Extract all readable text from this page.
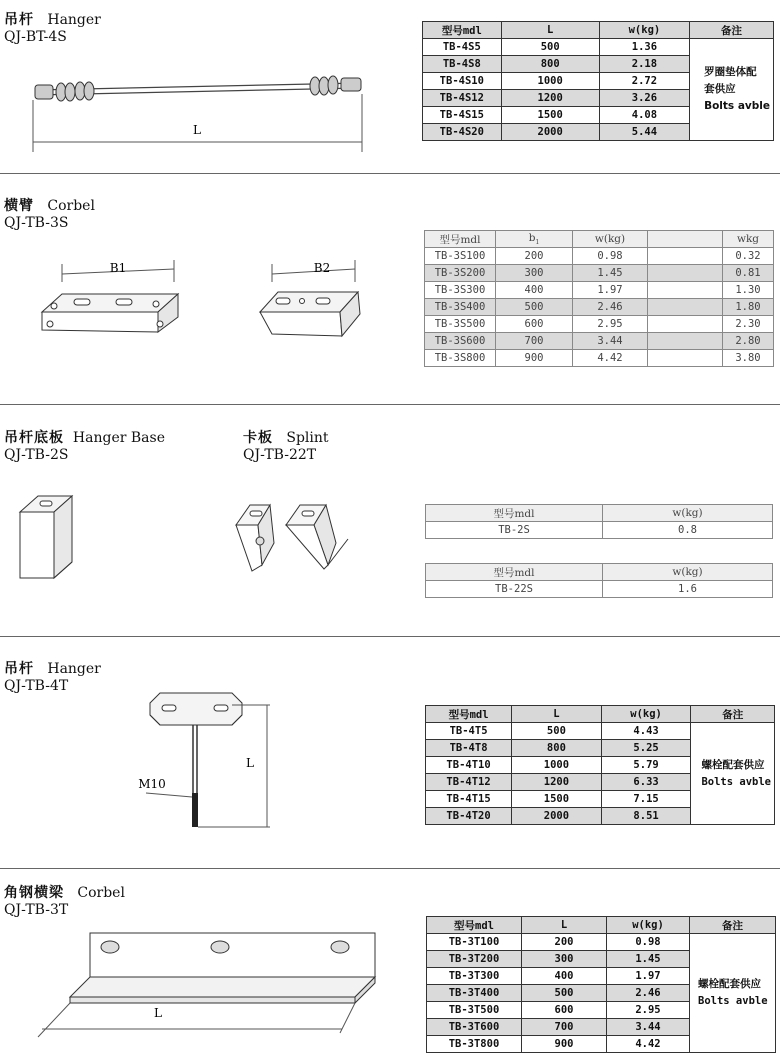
吊杆 Hanger
QJ-BT-4S
L
型号mdl	L	w(kg)	备注
TB-4S5	500	1.36	罗圈垫体配
套供应
Bolts avble

TB-4S8	800	2.18	
TB-4S10	1000	2.72	
TB-4S12	1200	3.26	
TB-4S15	1500	4.08	
TB-4S20	2000	5.44	
横臂 Corbel
QJ-TB-3S
B1	B2
型号mdl	$b_1$	w(kg)		wkg
TB-3S100	200	0.98		0.32
TB-3S200	300	1.45		0.81
TB-3S300	400	1.97		1.30
TB-3S400	500	2.46		1.80
TB-3S500	600	2.95		2.30
TB-3S600	700	3.44		2.80
TB-3S800	900	4.42		3.80
吊杆底板 Hanger Base
QJ-TB-2S
卡板 Splint
QJ-TB-22T
型号mdl	w(kg)
TB-2S	0.8
型号mdl	w(kg)
TB-22S	1.6
吊杆 Hanger
QJ-TB-4T
L
M10
型号mdl	L	w(kg)	备注
TB-4T5	500	4.43	螺栓配套供应
Bolts avble

TB-4T8	800	5.25	
TB-4T10	1000	5.79	
TB-4T12	1200	6.33	
TB-4T15	1500	7.15	
TB-4T20	2000	8.51	
角钢横梁 Corbel
QJ-TB-3T
L
型号mdl	L	w(kg)	备注
TB-3T100	200	0.98	螺栓配套供应
Bolts avble

TB-3T200	300	1.45	
TB-3T300	400	1.97	
TB-3T400	500	2.46	
TB-3T500	600	2.95	
TB-3T600	700	3.44	
TB-3T800	900	4.42	
